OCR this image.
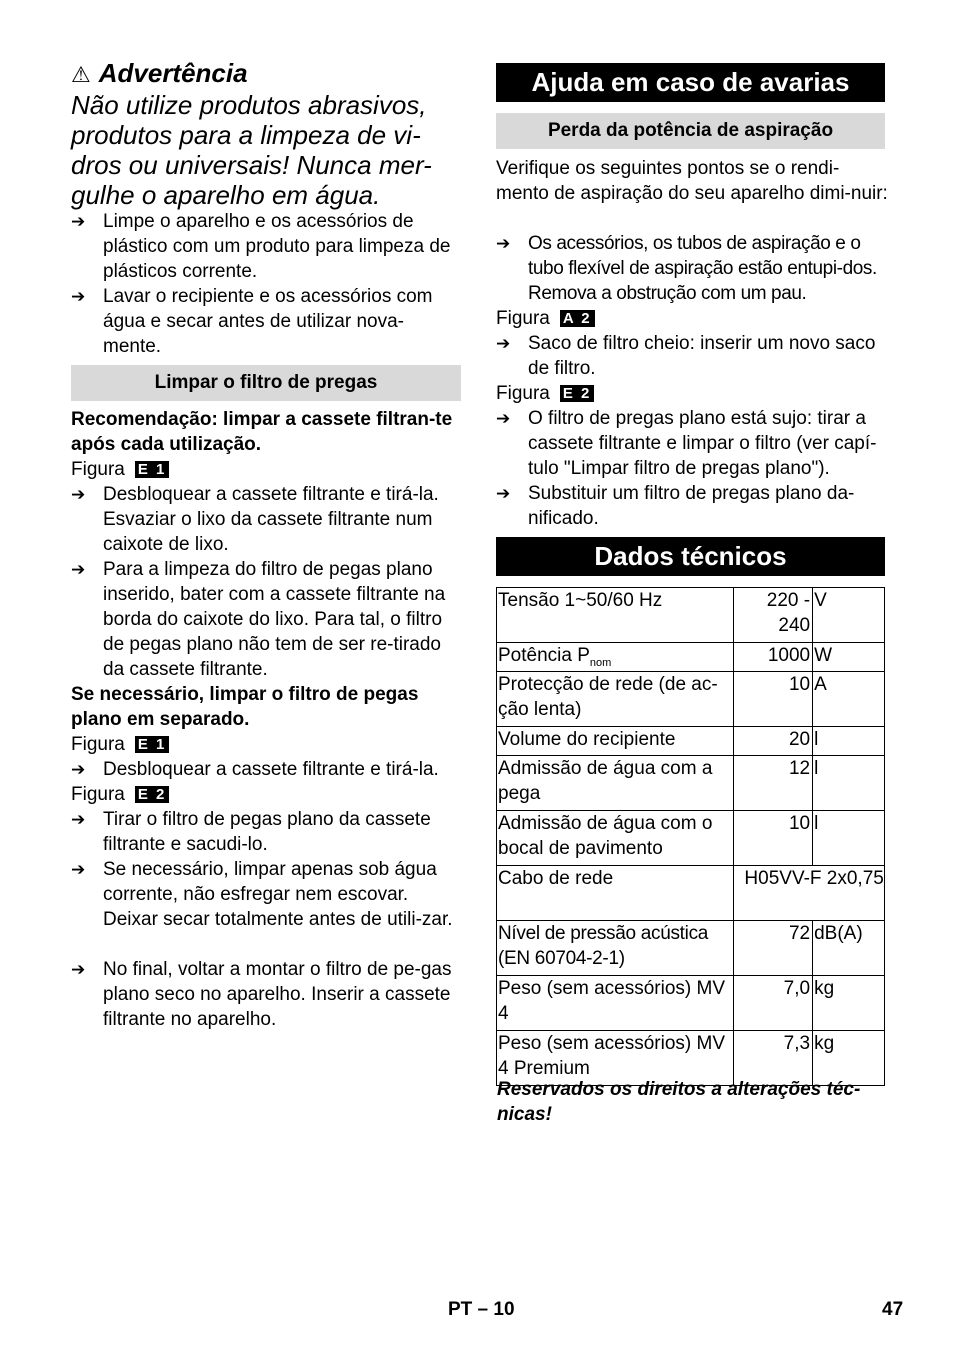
⚠ Advertência
Não utilize produtos abrasivos, produtos para a limpeza de vi-dros ou universais! Nunca mer-gulhe o aparelho em água.
➔ Limpe o aparelho e os acessórios de plástico com um produto para limpeza de plásticos corrente.
➔ Lavar o recipiente e os acessórios com água e secar antes de utilizar nova-mente.
Limpar o filtro de pregas
Recomendação: limpar a cassete filtran-te após cada utilização.
Figura E 1
➔ Desbloquear a cassete filtrante e tirá-la. Esvaziar o lixo da cassete filtrante num caixote de lixo.
➔ Para a limpeza do filtro de pegas plano inserido, bater com a cassete filtrante na borda do caixote do lixo. Para tal, o filtro de pegas plano não tem de ser re-tirado da cassete filtrante.
Se necessário, limpar o filtro de pegas plano em separado.
Figura E 1
➔ Desbloquear a cassete filtrante e tirá-la.
Figura E 2
➔ Tirar o filtro de pegas plano da cassete filtrante e sacudi-lo.
➔ Se necessário, limpar apenas sob água corrente, não esfregar nem escovar. Deixar secar totalmente antes de utili-zar.
➔ No final, voltar a montar o filtro de pe-gas plano seco no aparelho. Inserir a cassete filtrante no aparelho.
Ajuda em caso de avarias
Perda da potência de aspiração
Verifique os seguintes pontos se o rendi-mento de aspiração do seu aparelho dimi-nuir:
➔ Os acessórios, os tubos de aspiração e o tubo flexível de aspiração estão entupi-dos. Remova a obstrução com um pau.
Figura A 2
➔ Saco de filtro cheio: inserir um novo saco de filtro.
Figura E 2
➔ O filtro de pregas plano está sujo: tirar a cassete filtrante e limpar o filtro (ver capí-tulo "Limpar filtro de pregas plano").
➔ Substituir um filtro de pregas plano da-nificado.
Dados técnicos
Tensão 1~50/60 Hz	220 - 240	V
Potência $P_{nom}$	1000	W
Protecção de rede (de ac-ção lenta)	10	A
Volume do recipiente	20	l
Admissão de água com a pega	12	l
Admissão de água com o bocal de pavimento	10	l
Cabo de rede	H05VV-F 2x0,75	
Nível de pressão acústica (EN 60704-2-1)	72	dB(A)
Peso (sem acessórios) MV 4	7,0	kg
Peso (sem acessórios) MV 4 Premium	7,3	kg
Reservados os direitos a alterações téc-nicas!
PT – 10	47
